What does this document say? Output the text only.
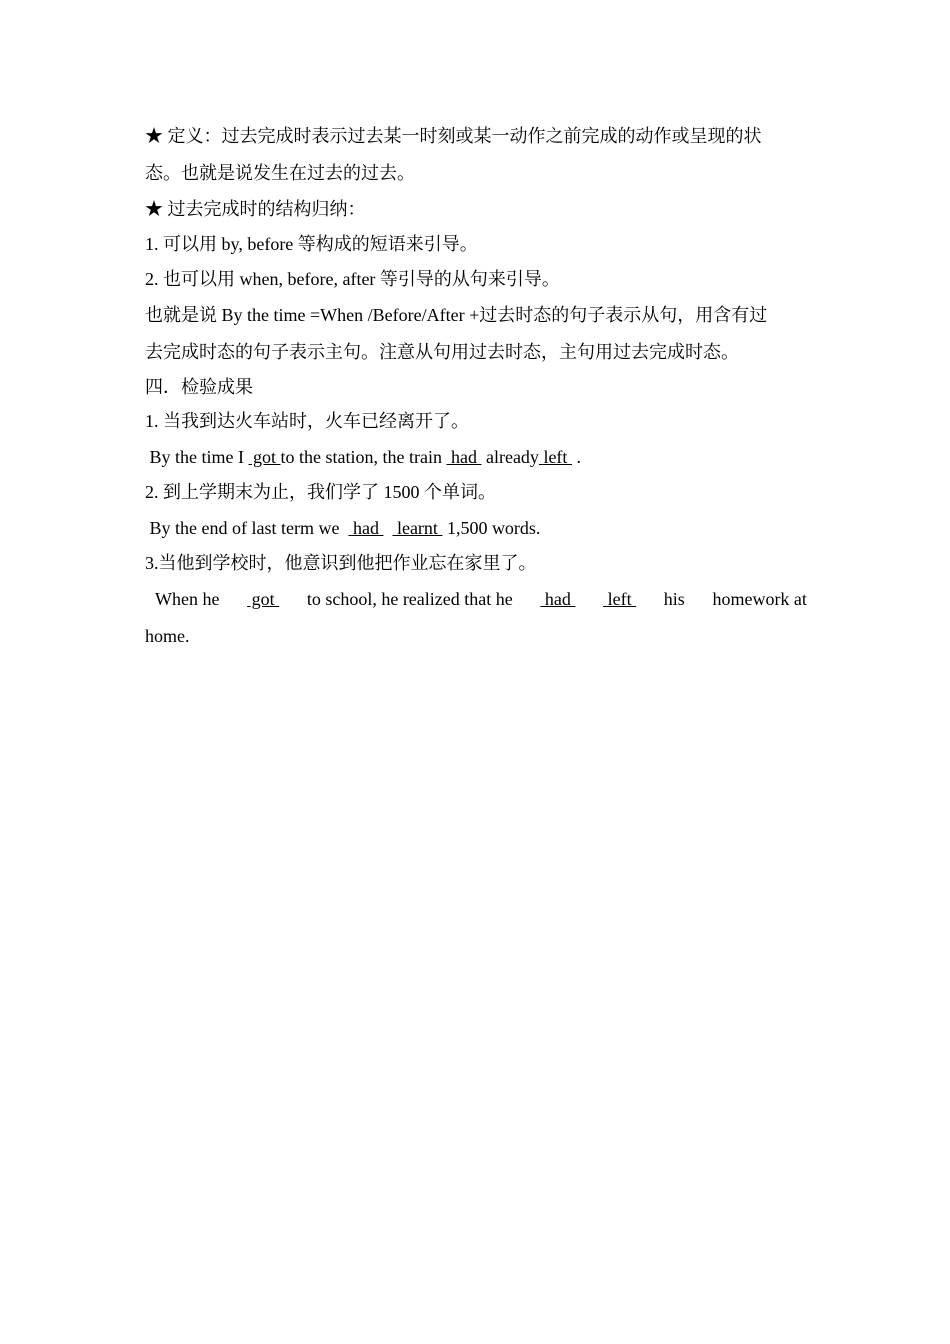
★ 定义：过去完成时表示过去某一时刻或某一动作之前完成的动作或呈现的状
态。也就是说发生在过去的过去。
★ 过去完成时的结构归纳：
1. 可以用 by, before 等构成的短语来引导。
2. 也可以用 when, before, after 等引导的从句来引导。
也就是说 By the time =When /Before/After +过去时态的句子表示从句，用含有过
去完成时态的句子表示主句。注意从句用过去时态，主句用过去完成时态。
四．检验成果
1. 当我到达火车站时，火车已经离开了。
By the time I  got to the station, the train  had  already left  .
2. 到上学期末为止，我们学了 1500 个单词。
By the end of last term we   had    learnt  1,500 words.
3.当他到学校时，他意识到他把作业忘在家里了。
When he got to school, he realized that he had left his homework at
home.
